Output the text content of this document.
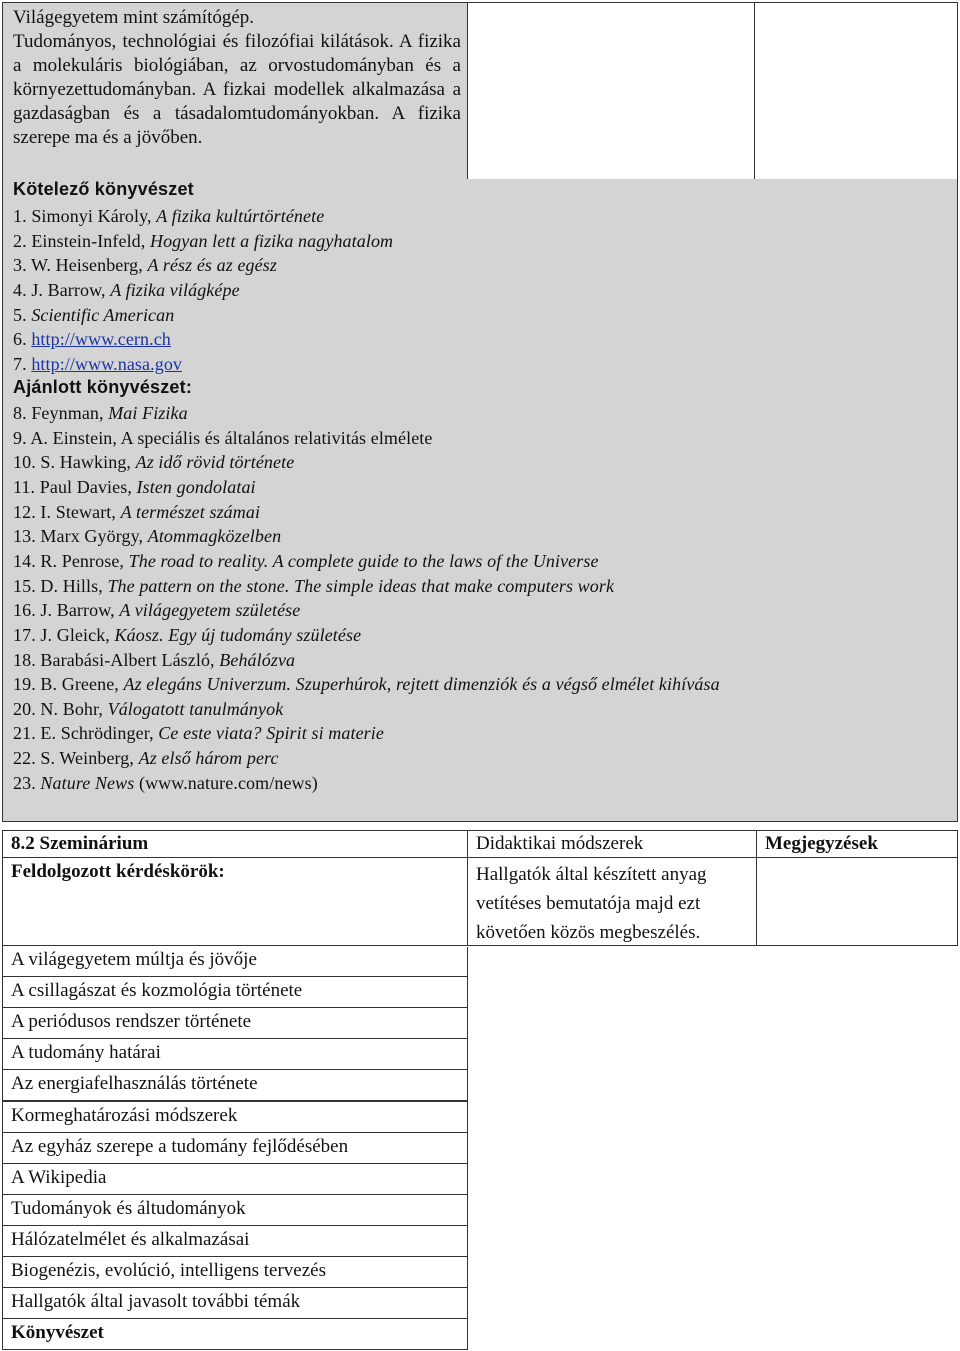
Világegyetem mint számítógép.

Tudományos, technológiai és filozófiai kilátások. A fizika a molekuláris biológiában, az orvostudományban és a környezettudományban. A fizkai modellek alkalmazása a gazdaságban és a tásadalomtudományokban. A fizika szerepe ma és a jövőben.

Kötelező könyvészet
1. Simonyi Károly, A fizika kultúrtörténete
2. Einstein-Infeld, Hogyan lett a fizika nagyhatalom
3. W. Heisenberg, A rész és az egész
4. J. Barrow, A fizika világképe
5. Scientific American
6. http://www.cern.ch
7. http://www.nasa.gov
Ajánlott könyvészet:
8. Feynman, Mai Fizika
9. A. Einstein, A speciális és általános relativitás elmélete
10. S. Hawking, Az idő rövid története
11. Paul Davies, Isten gondolatai
12. I. Stewart, A természet számai
13. Marx György, Atommagközelben
14. R. Penrose, The road to reality. A complete guide to the laws of the Universe
15. D. Hills, The pattern on the stone. The simple ideas that make computers work
16. J. Barrow, A világegyetem születése
17. J. Gleick, Káosz. Egy új tudomány születése
18. Barabási-Albert László, Behálózva
19. B. Greene, Az elegáns Univerzum. Szuperhúrok, rejtett dimenziók és a végső elmélet kihívása
20. N. Bohr, Válogatott tanulmányok
21. E. Schrödinger, Ce este viata? Spirit si materie
22. S. Weinberg, Az első három perc
23. Nature News (www.nature.com/news)
8.2 Szeminárium	Didaktikai módszerek	Megjegyzések
Feldolgozott kérdéskörök:	Hallgatók által készített anyag vetítéses bemutatója majd ezt követően közös megbeszélés.
A világegyetem múltja és jövője
A csillagászat és kozmológia története
A periódusos rendszer története
A tudomány határai
Az energiafelhasználás története
Kormeghatározási módszerek
Az egyház szerepe a tudomány fejlődésében
A Wikipedia
Tudományok és áltudományok
Hálózatelmélet és alkalmazásai
Biogenézis, evolúció, intelligens tervezés
Hallgatók által javasolt további témák
Könyvészet
